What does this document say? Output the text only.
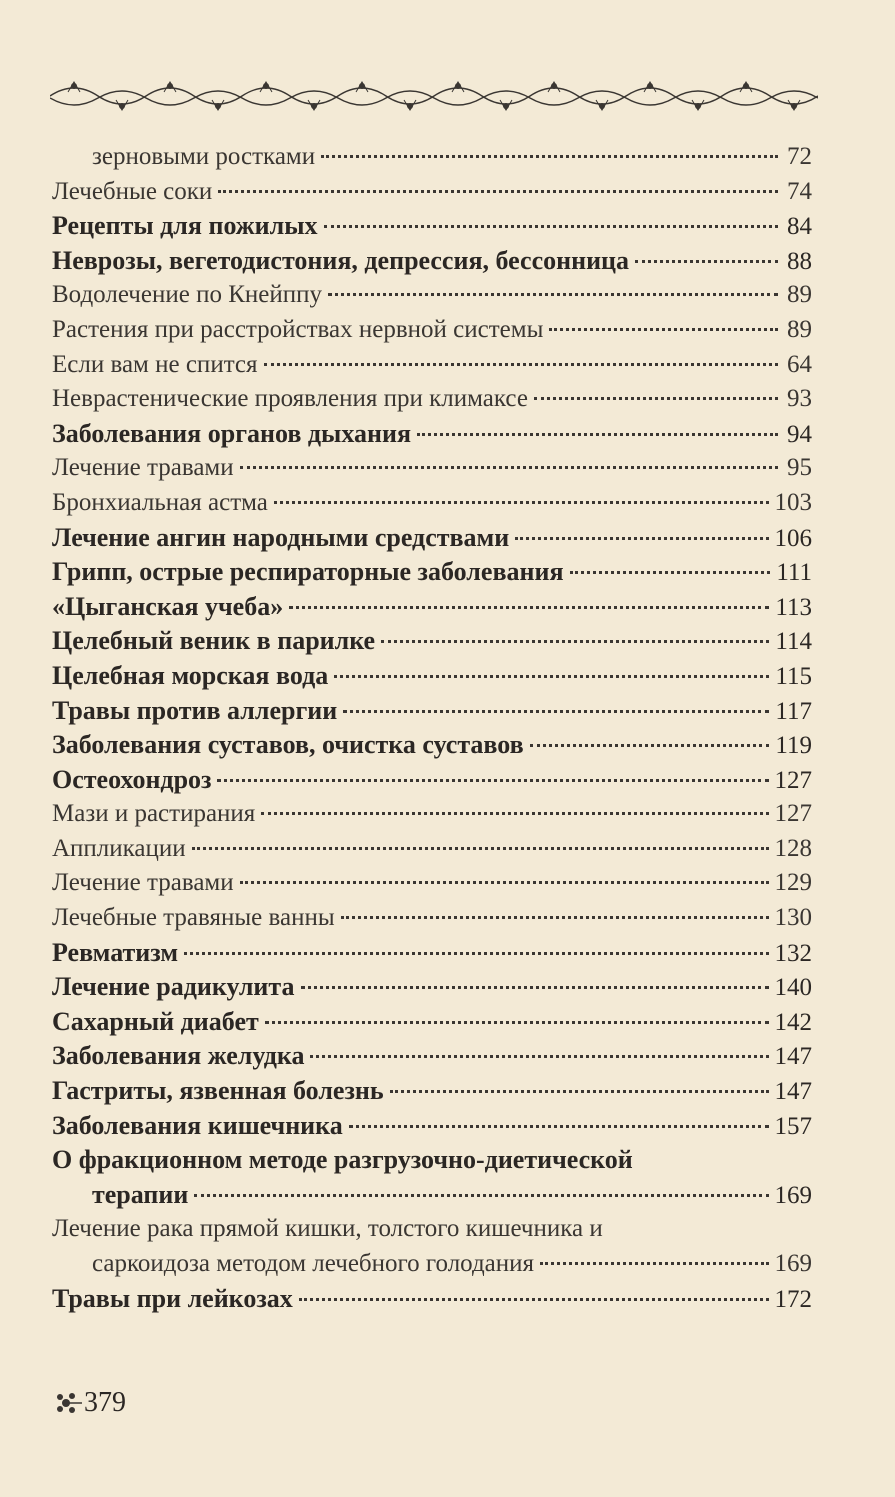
зерновыми ростками	72
Лечебные соки	74
Рецепты для пожилых	84
Неврозы, вегетодистония, депрессия, бессонница	88
Водолечение по Кнейппу	89
Растения при расстройствах нервной системы	89
Если вам не спится	64
Неврастенические проявления при климаксе	93
Заболевания органов дыхания	94
Лечение травами	95
Бронхиальная астма	103
Лечение ангин народными средствами	106
Грипп, острые респираторные заболевания	111
«Цыганская учеба»	113
Целебный веник в парилке	114
Целебная морская вода	115
Травы против аллергии	117
Заболевания суставов, очистка суставов	119
Остеохондроз	127
Мази и растирания	127
Аппликации	128
Лечение травами	129
Лечебные травяные ванны	130
Ревматизм	132
Лечение радикулита	140
Сахарный диабет	142
Заболевания желудка	147
Гастриты, язвенная болезнь	147
Заболевания кишечника	157
О фракционном методе разгрузочно-диетической
терапии	169
Лечение рака прямой кишки, толстого кишечника и
саркоидоза методом лечебного голодания	169
Травы при лейкозах	172
379
